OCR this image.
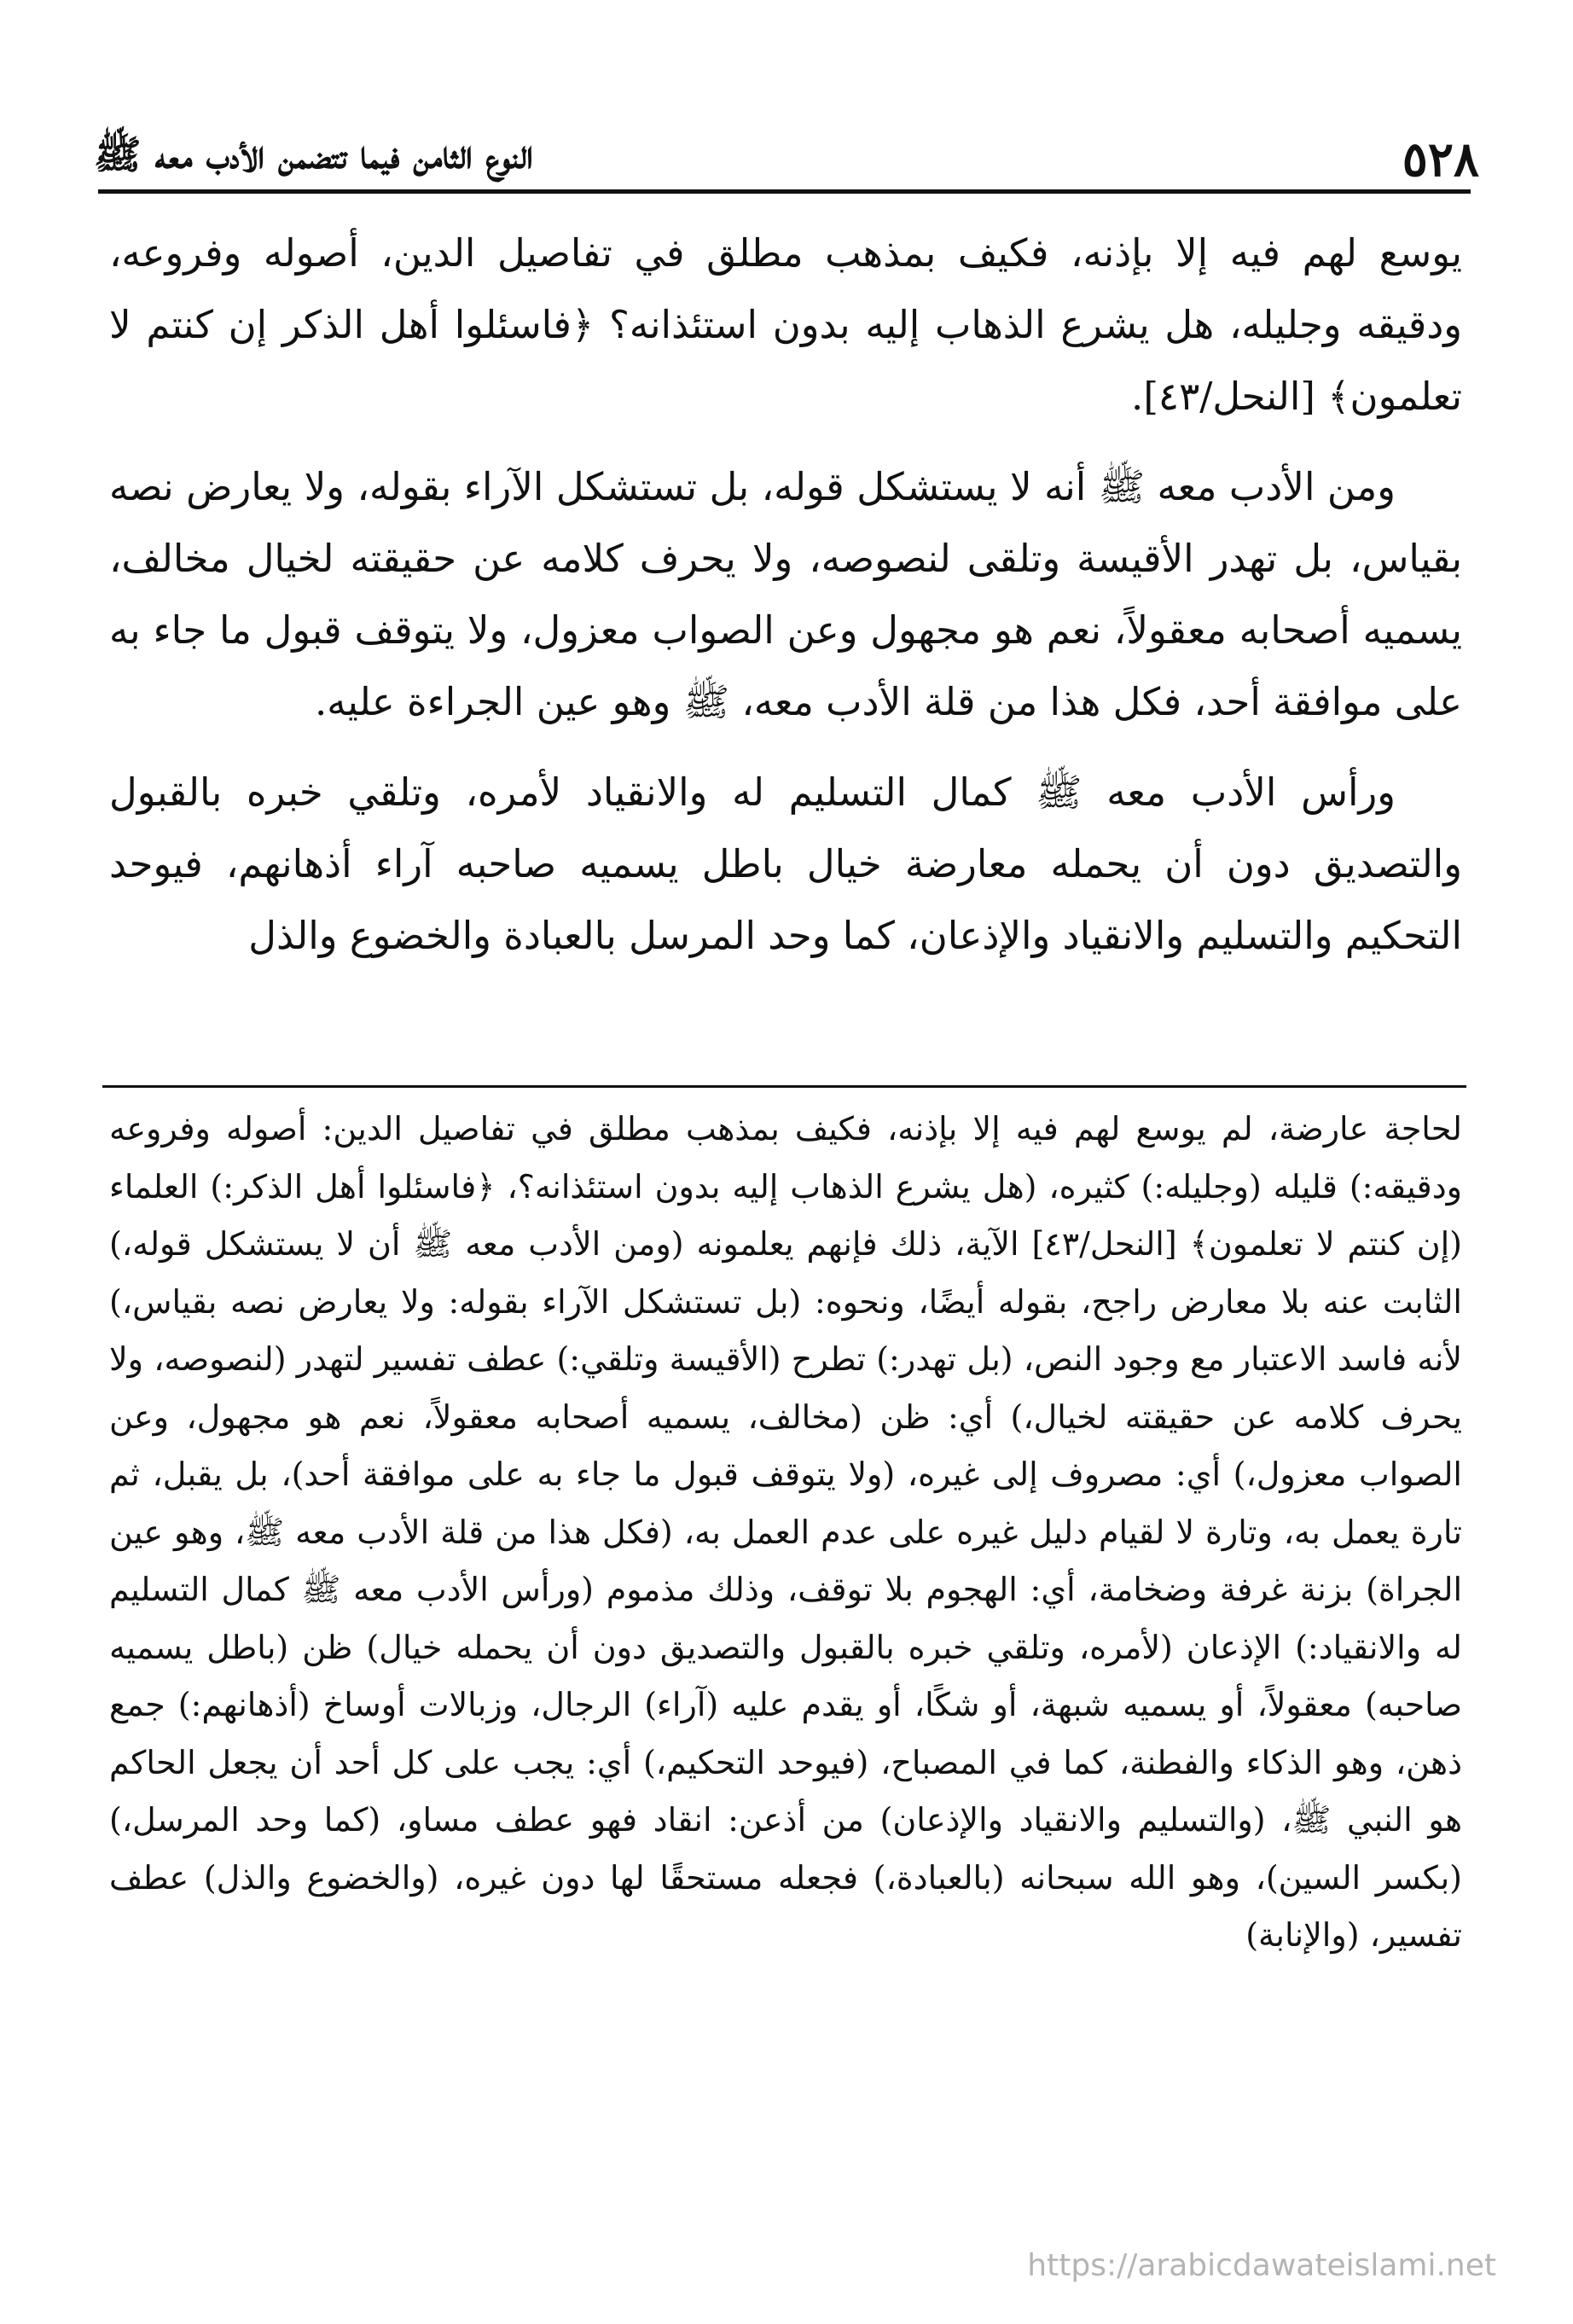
٥٢٨
النوع الثامن فيما تتضمن الأدب معه ﷺ

يوسع لهم فيه إلا بإذنه، فكيف بمذهب مطلق في تفاصيل الدين، أصوله وفروعه، ودقيقه وجليله، هل يشرع الذهاب إليه بدون استئذانه؟ ﴿فاسئلوا أهل الذكر إن كنتم لا تعلمون﴾ [النحل/٤٣].

ومن الأدب معه ﷺ أنه لا يستشكل قوله، بل تستشكل الآراء بقوله، ولا يعارض نصه بقياس، بل تهدر الأقيسة وتلقى لنصوصه، ولا يحرف كلامه عن حقيقته لخيال مخالف، يسميه أصحابه معقولاً، نعم هو مجهول وعن الصواب معزول، ولا يتوقف قبول ما جاء به على موافقة أحد، فكل هذا من قلة الأدب معه، ﷺ وهو عين الجراءة عليه.

ورأس الأدب معه ﷺ كمال التسليم له والانقياد لأمره، وتلقي خبره بالقبول والتصديق دون أن يحمله معارضة خيال باطل يسميه صاحبه آراء أذهانهم، فيوحد التحكيم والتسليم والانقياد والإذعان، كما وحد المرسل بالعبادة والخضوع والذل

لحاجة عارضة، لم يوسع لهم فيه إلا بإذنه، فكيف بمذهب مطلق في تفاصيل الدين: أصوله وفروعه ودقيقه:) قليله (وجليله:) كثيره، (هل يشرع الذهاب إليه بدون استئذانه؟، ﴿فاسئلوا أهل الذكر:) العلماء (إن كنتم لا تعلمون﴾ [النحل/٤٣] الآية، ذلك فإنهم يعلمونه (ومن الأدب معه ﷺ أن لا يستشكل قوله،) الثابت عنه بلا معارض راجح، بقوله أيضًا، ونحوه: (بل تستشكل الآراء بقوله: ولا يعارض نصه بقياس،) لأنه فاسد الاعتبار مع وجود النص، (بل تهدر:) تطرح (الأقيسة وتلقي:) عطف تفسير لتهدر (لنصوصه، ولا يحرف كلامه عن حقيقته لخيال،) أي: ظن (مخالف، يسميه أصحابه معقولاً، نعم هو مجهول، وعن الصواب معزول،) أي: مصروف إلى غيره، (ولا يتوقف قبول ما جاء به على موافقة أحد)، بل يقبل، ثم تارة يعمل به، وتارة لا لقيام دليل غيره على عدم العمل به، (فكل هذا من قلة الأدب معه ﷺ، وهو عين الجراة) بزنة غرفة وضخامة، أي: الهجوم بلا توقف، وذلك مذموم (ورأس الأدب معه ﷺ كمال التسليم له والانقياد:) الإذعان (لأمره، وتلقي خبره بالقبول والتصديق دون أن يحمله خيال) ظن (باطل يسميه صاحبه) معقولاً، أو يسميه شبهة، أو شكًا، أو يقدم عليه (آراء) الرجال، وزبالات أوساخ (أذهانهم:) جمع ذهن، وهو الذكاء والفطنة، كما في المصباح، (فيوحد التحكيم،) أي: يجب على كل أحد أن يجعل الحاكم هو النبي ﷺ، (والتسليم والانقياد والإذعان) من أذعن: انقاد فهو عطف مساو، (كما وحد المرسل،) (بكسر السين)، وهو الله سبحانه (بالعبادة،) فجعله مستحقًا لها دون غيره، (والخضوع والذل) عطف تفسير، (والإنابة)

https://arabicdawateislami.net
